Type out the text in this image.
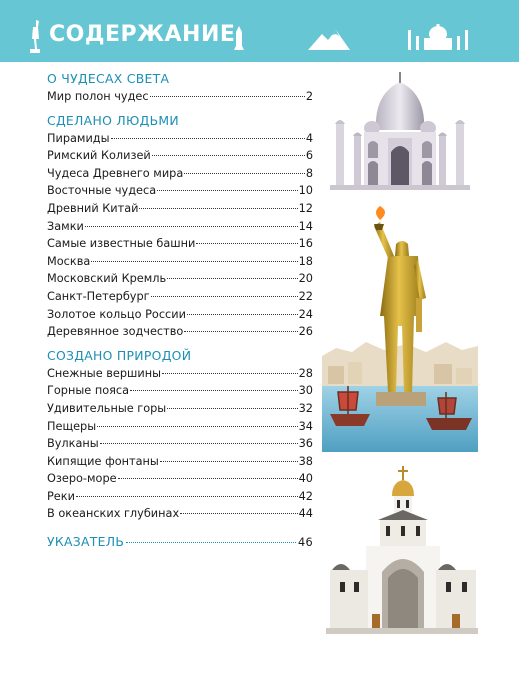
СОДЕРЖАНИЕ
О ЧУДЕСАХ СВЕТА
Мир полон чудес	2
СДЕЛАНО ЛЮДЬМИ
Пирамиды	4
Римский Колизей	6
Чудеса Древнего мира	8
Восточные чудеса	10
Древний Китай	12
Замки	14
Самые известные башни	16
Москва	18
Московский Кремль	20
Санкт-Петербург	22
Золотое кольцо России	24
Деревянное зодчество	26
СОЗДАНО ПРИРОДОЙ
Снежные вершины	28
Горные пояса	30
Удивительные горы	32
Пещеры	34
Вулканы	36
Кипящие фонтаны	38
Озеро-море	40
Реки	42
В океанских глубинах	44
УКАЗАТЕЛЬ	46
